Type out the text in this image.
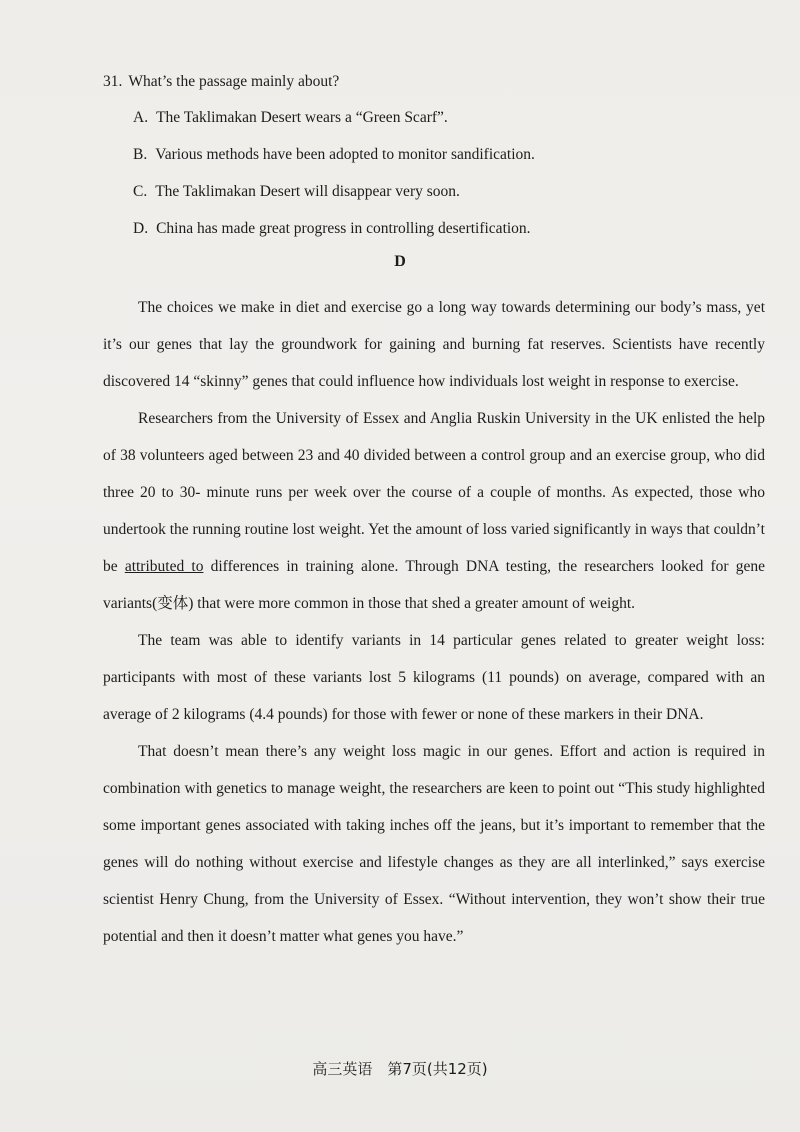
31. What’s the passage mainly about?
A. The Taklimakan Desert wears a “Green Scarf”.
B. Various methods have been adopted to monitor sandification.
C. The Taklimakan Desert will disappear very soon.
D. China has made great progress in controlling desertification.
D

The choices we make in diet and exercise go a long way towards determining our body’s mass, yet it’s our genes that lay the groundwork for gaining and burning fat reserves. Scientists have recently discovered 14 “skinny” genes that could influence how individuals lost weight in response to exercise.

Researchers from the University of Essex and Anglia Ruskin University in the UK enlisted the help of 38 volunteers aged between 23 and 40 divided between a control group and an exercise group, who did three 20 to 30- minute runs per week over the course of a couple of months. As expected, those who undertook the running routine lost weight. Yet the amount of loss varied significantly in ways that couldn’t be attributed to differences in training alone. Through DNA testing, the researchers looked for gene variants(变体) that were more common in those that shed a greater amount of weight.

The team was able to identify variants in 14 particular genes related to greater weight loss: participants with most of these variants lost 5 kilograms (11 pounds) on average, compared with an average of 2 kilograms (4.4 pounds) for those with fewer or none of these markers in their DNA.

That doesn’t mean there’s any weight loss magic in our genes. Effort and action is required in combination with genetics to manage weight, the researchers are keen to point out “This study highlighted some important genes associated with taking inches off the jeans, but it’s important to remember that the genes will do nothing without exercise and lifestyle changes as they are all interlinked,” says exercise scientist Henry Chung, from the University of Essex. “Without intervention, they won’t show their true potential and then it doesn’t matter what genes you have.”

高三英语　第7页(共12页)
